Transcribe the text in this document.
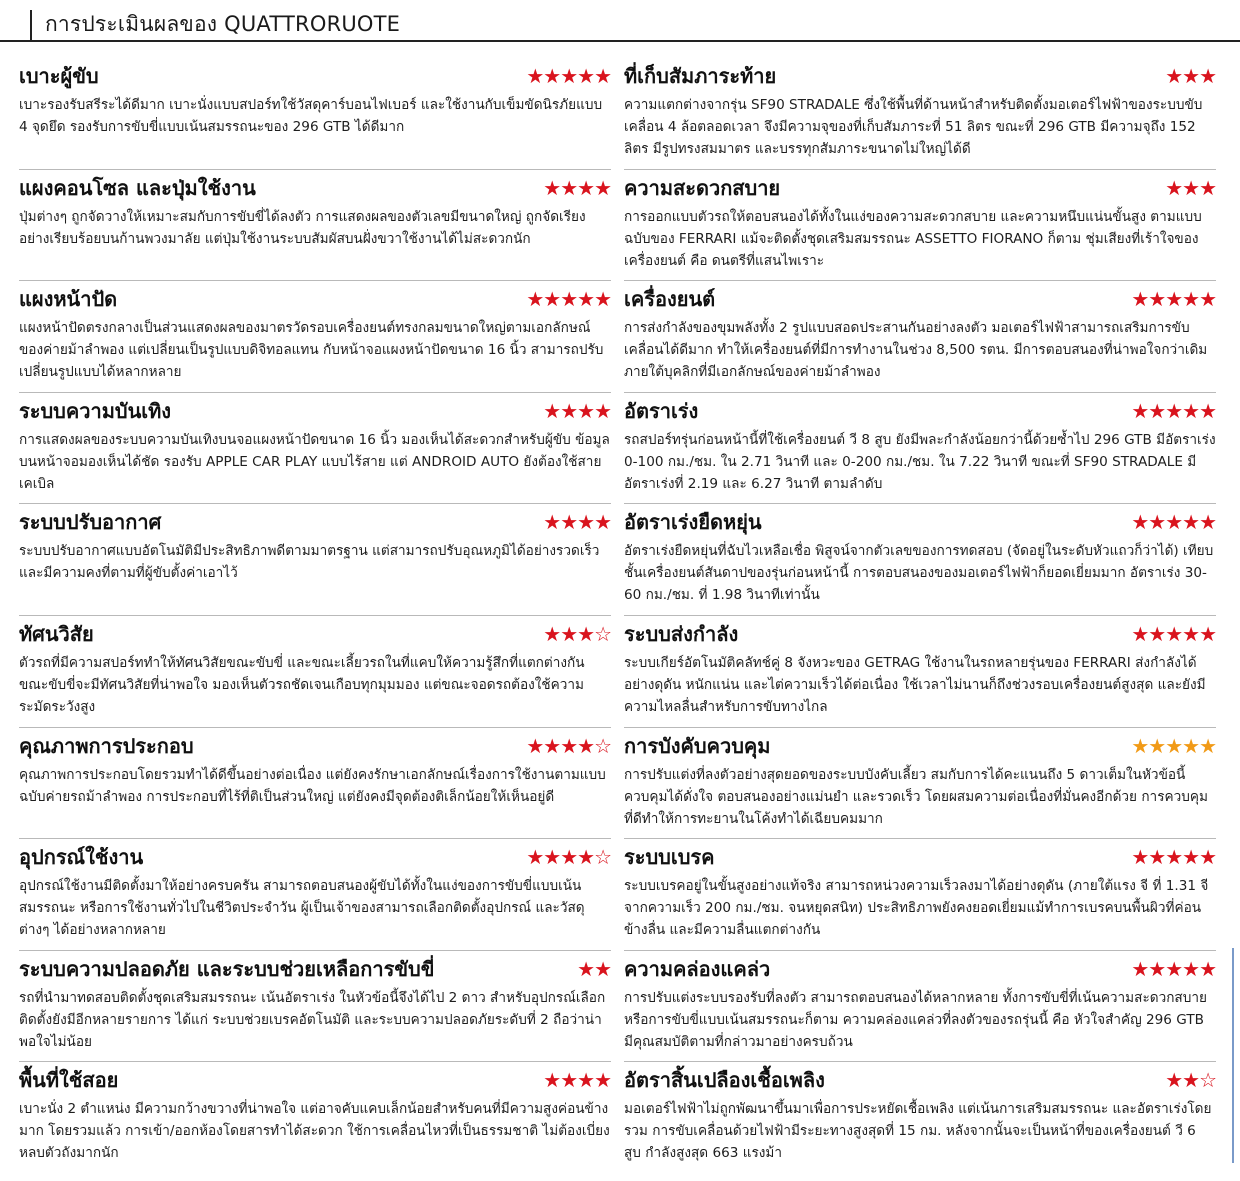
การประเมินผลของ QUATTRORUOTE
เบาะผู้ขับ	★★★★★
เบาะรองรับสรีระได้ดีมาก เบาะนั่งแบบสปอร์ทใช้วัสดุคาร์บอนไฟเบอร์ และใช้งานกับเข็มขัดนิรภัยแบบ 4 จุดยึด รองรับการขับขี่แบบเน้นสมรรถนะของ 296 GTB ได้ดีมาก
แผงคอนโซล และปุ่มใช้งาน	★★★★
ปุ่มต่างๆ ถูกจัดวางให้เหมาะสมกับการขับขี่ได้ลงตัว การแสดงผลของตัวเลขมีขนาดใหญ่ ถูกจัดเรียงอย่างเรียบร้อยบนก้านพวงมาลัย แต่ปุ่มใช้งานระบบสัมผัสบนฝั่งขวาใช้งานได้ไม่สะดวกนัก
แผงหน้าปัด	★★★★★
แผงหน้าปัดตรงกลางเป็นส่วนแสดงผลของมาตรวัดรอบเครื่องยนต์ทรงกลมขนาดใหญ่ตามเอกลักษณ์ของค่ายม้าลำพอง แต่เปลี่ยนเป็นรูปแบบดิจิทอลแทน กับหน้าจอแผงหน้าปัดขนาด 16 นิ้ว สามารถปรับเปลี่ยนรูปแบบได้หลากหลาย
ระบบความบันเทิง	★★★★
การแสดงผลของระบบความบันเทิงบนจอแผงหน้าปัดขนาด 16 นิ้ว มองเห็นได้สะดวกสำหรับผู้ขับ ข้อมูลบนหน้าจอมองเห็นได้ชัด รองรับ APPLE CAR PLAY แบบไร้สาย แต่ ANDROID AUTO ยังต้องใช้สายเคเบิล
ระบบปรับอากาศ	★★★★
ระบบปรับอากาศแบบอัตโนมัติมีประสิทธิภาพดีตามมาตรฐาน แต่สามารถปรับอุณหภูมิได้อย่างรวดเร็ว และมีความคงที่ตามที่ผู้ขับตั้งค่าเอาไว้
ทัศนวิสัย	★★★☆
ตัวรถที่มีความสปอร์ททำให้ทัศนวิสัยขณะขับขี่ และขณะเลี้ยวรถในที่แคบให้ความรู้สึกที่แตกต่างกัน ขณะขับขี่จะมีทัศนวิสัยที่น่าพอใจ มองเห็นตัวรถชัดเจนเกือบทุกมุมมอง แต่ขณะจอดรถต้องใช้ความระมัดระวังสูง
คุณภาพการประกอบ	★★★★☆
คุณภาพการประกอบโดยรวมทำได้ดีขึ้นอย่างต่อเนื่อง แต่ยังคงรักษาเอกลักษณ์เรื่องการใช้งานตามแบบฉบับค่ายรถม้าลำพอง การประกอบที่ไร้ที่ติเป็นส่วนใหญ่ แต่ยังคงมีจุดต้องติเล็กน้อยให้เห็นอยู่ดี
อุปกรณ์ใช้งาน	★★★★☆
อุปกรณ์ใช้งานมีติดตั้งมาให้อย่างครบครัน สามารถตอบสนองผู้ขับได้ทั้งในแง่ของการขับขี่แบบเน้นสมรรถนะ หรือการใช้งานทั่วไปในชีวิตประจำวัน ผู้เป็นเจ้าของสามารถเลือกติดตั้งอุปกรณ์ และวัสดุต่างๆ ได้อย่างหลากหลาย
ระบบความปลอดภัย และระบบช่วยเหลือการขับขี่	★★
รถที่นำมาทดสอบติดตั้งชุดเสริมสมรรถนะ เน้นอัตราเร่ง ในหัวข้อนี้จึงได้ไป 2 ดาว สำหรับอุปกรณ์เลือกติดตั้งยังมีอีกหลายรายการ ได้แก่ ระบบช่วยเบรคอัตโนมัติ และระบบความปลอดภัยระดับที่ 2 ถือว่าน่าพอใจไม่น้อย
พื้นที่ใช้สอย	★★★★
เบาะนั่ง 2 ตำแหน่ง มีความกว้างขวางที่น่าพอใจ แต่อาจคับแคบเล็กน้อยสำหรับคนที่มีความสูงค่อนข้างมาก โดยรวมแล้ว การเข้า/ออกห้องโดยสารทำได้สะดวก ใช้การเคลื่อนไหวที่เป็นธรรมชาติ ไม่ต้องเบี่ยงหลบตัวถังมากนัก
ที่เก็บสัมภาระท้าย	★★★
ความแตกต่างจากรุ่น SF90 STRADALE ซึ่งใช้พื้นที่ด้านหน้าสำหรับติดตั้งมอเตอร์ไฟฟ้าของระบบขับเคลื่อน 4 ล้อตลอดเวลา จึงมีความจุของที่เก็บสัมภาระที่ 51 ลิตร ขณะที่ 296 GTB มีความจุถึง 152 ลิตร มีรูปทรงสมมาตร และบรรทุกสัมภาระขนาดไม่ใหญ่ได้ดี
ความสะดวกสบาย	★★★
การออกแบบตัวรถให้ตอบสนองได้ทั้งในแง่ของความสะดวกสบาย และความหนึบแน่นขั้นสูง ตามแบบฉบับของ FERRARI แม้จะติดตั้งชุดเสริมสมรรถนะ ASSETTO FIORANO ก็ตาม ชุ่มเสียงที่เร้าใจของเครื่องยนต์ คือ ดนตรีที่แสนไพเราะ
เครื่องยนต์	★★★★★
การส่งกำลังของขุมพลังทั้ง 2 รูปแบบสอดประสานกันอย่างลงตัว มอเตอร์ไฟฟ้าสามารถเสริมการขับเคลื่อนได้ดีมาก ทำให้เครื่องยนต์ที่มีการทำงานในช่วง 8,500 รตน. มีการตอบสนองที่น่าพอใจกว่าเดิม ภายใต้บุคลิกที่มีเอกลักษณ์ของค่ายม้าลำพอง
อัตราเร่ง	★★★★★
รถสปอร์ทรุ่นก่อนหน้านี้ที่ใช้เครื่องยนต์ วี 8 สูบ ยังมีพละกำลังน้อยกว่านี้ด้วยซ้ำไป 296 GTB มีอัตราเร่ง 0-100 กม./ชม. ใน 2.71 วินาที และ 0-200 กม./ชม. ใน 7.22 วินาที ขณะที่ SF90 STRADALE มีอัตราเร่งที่ 2.19 และ 6.27 วินาที ตามลำดับ
อัตราเร่งยืดหยุ่น	★★★★★
อัตราเร่งยืดหยุ่นที่ฉับไวเหลือเชื่อ พิสูจน์จากตัวเลขของการทดสอบ (จัดอยู่ในระดับหัวแถวก็ว่าได้) เทียบชั้นเครื่องยนต์สันดาปของรุ่นก่อนหน้านี้ การตอบสนองของมอเตอร์ไฟฟ้าก็ยอดเยี่ยมมาก อัตราเร่ง 30-60 กม./ชม. ที่ 1.98 วินาทีเท่านั้น
ระบบส่งกำลัง	★★★★★
ระบบเกียร์อัตโนมัติคลัทช์คู่ 8 จังหวะของ GETRAG ใช้งานในรถหลายรุ่นของ FERRARI ส่งกำลังได้อย่างดุดัน หนักแน่น และไต่ความเร็วได้ต่อเนื่อง ใช้เวลาไม่นานก็ถึงช่วงรอบเครื่องยนต์สูงสุด และยังมีความไหลลื่นสำหรับการขับทางไกล
การบังคับควบคุม	★★★★★
การปรับแต่งที่ลงตัวอย่างสุดยอดของระบบบังคับเลี้ยว สมกับการได้คะแนนถึง 5 ดาวเต็มในหัวข้อนี้ ควบคุมได้ดั่งใจ ตอบสนองอย่างแม่นยำ และรวดเร็ว โดยผสมความต่อเนื่องที่มั่นคงอีกด้วย การควบคุมที่ดีทำให้การทะยานในโค้งทำได้เฉียบคมมาก
ระบบเบรค	★★★★★
ระบบเบรคอยู่ในขั้นสูงอย่างแท้จริง สามารถหน่วงความเร็วลงมาได้อย่างดุดัน (ภายใต้แรง จี ที่ 1.31 จี จากความเร็ว 200 กม./ชม. จนหยุดสนิท) ประสิทธิภาพยังคงยอดเยี่ยมแม้ทำการเบรคบนพื้นผิวที่ค่อนข้างลื่น และมีความลื่นแตกต่างกัน
ความคล่องแคล่ว	★★★★★
การปรับแต่งระบบรองรับที่ลงตัว สามารถตอบสนองได้หลากหลาย ทั้งการขับขี่ที่เน้นความสะดวกสบาย หรือการขับขี่แบบเน้นสมรรถนะก็ตาม ความคล่องแคล่วที่ลงตัวของรถรุ่นนี้ คือ หัวใจสำคัญ 296 GTB มีคุณสมบัติตามที่กล่าวมาอย่างครบถ้วน
อัตราสิ้นเปลืองเชื้อเพลิง	★★☆
มอเตอร์ไฟฟ้าไม่ถูกพัฒนาขึ้นมาเพื่อการประหยัดเชื้อเพลิง แต่เน้นการเสริมสมรรถนะ และอัตราเร่งโดยรวม การขับเคลื่อนด้วยไฟฟ้ามีระยะทางสูงสุดที่ 15 กม. หลังจากนั้นจะเป็นหน้าที่ของเครื่องยนต์ วี 6 สูบ กำลังสูงสุด 663 แรงม้า
